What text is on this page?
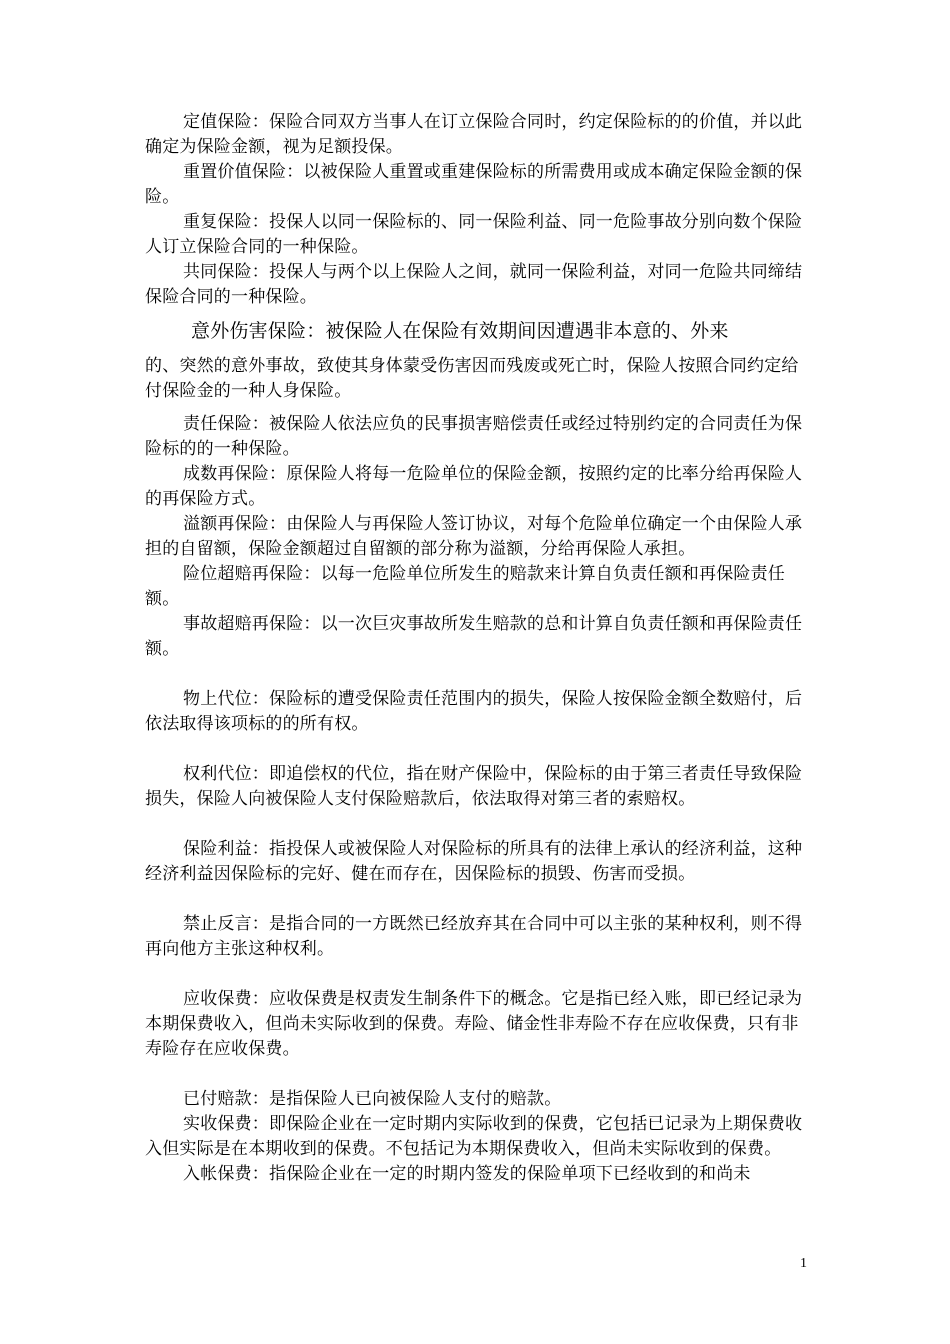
定值保险：保险合同双方当事人在订立保险合同时，约定保险标的的价值，并以此确定为保险金额，视为足额投保。

重置价值保险：以被保险人重置或重建保险标的所需费用或成本确定保险金额的保险。

重复保险：投保人以同一保险标的、同一保险利益、同一危险事故分别向数个保险人订立保险合同的一种保险。

共同保险：投保人与两个以上保险人之间，就同一保险利益，对同一危险共同缔结保险合同的一种保险。

意外伤害保险：被保险人在保险有效期间因遭遇非本意的、外来
的、突然的意外事故，致使其身体蒙受伤害因而残废或死亡时，保险人按照合同约定给付保险金的一种人身保险。

责任保险：被保险人依法应负的民事损害赔偿责任或经过特别约定的合同责任为保险标的的一种保险。

成数再保险：原保险人将每一危险单位的保险金额，按照约定的比率分给再保险人的再保险方式。

溢额再保险：由保险人与再保险人签订协议，对每个危险单位确定一个由保险人承担的自留额，保险金额超过自留额的部分称为溢额，分给再保险人承担。

险位超赔再保险：以每一危险单位所发生的赔款来计算自负责任额和再保险责任额。

事故超赔再保险：以一次巨灾事故所发生赔款的总和计算自负责任额和再保险责任额。

物上代位：保险标的遭受保险责任范围内的损失，保险人按保险金额全数赔付，后依法取得该项标的的所有权。

权利代位：即追偿权的代位，指在财产保险中，保险标的由于第三者责任导致保险损失，保险人向被保险人支付保险赔款后，依法取得对第三者的索赔权。

保险利益：指投保人或被保险人对保险标的所具有的法律上承认的经济利益，这种经济利益因保险标的完好、健在而存在，因保险标的损毁、伤害而受损。

禁止反言：是指合同的一方既然已经放弃其在合同中可以主张的某种权利，则不得再向他方主张这种权利。

应收保费：应收保费是权责发生制条件下的概念。它是指已经入账，即已经记录为本期保费收入，但尚未实际收到的保费。寿险、储金性非寿险不存在应收保费，只有非寿险存在应收保费。

已付赔款：是指保险人已向被保险人支付的赔款。

实收保费：即保险企业在一定时期内实际收到的保费，它包括已记录为上期保费收入但实际是在本期收到的保费。不包括记为本期保费收入，但尚未实际收到的保费。

入帐保费：指保险企业在一定的时期内签发的保险单项下已经收到的和尚未

1
